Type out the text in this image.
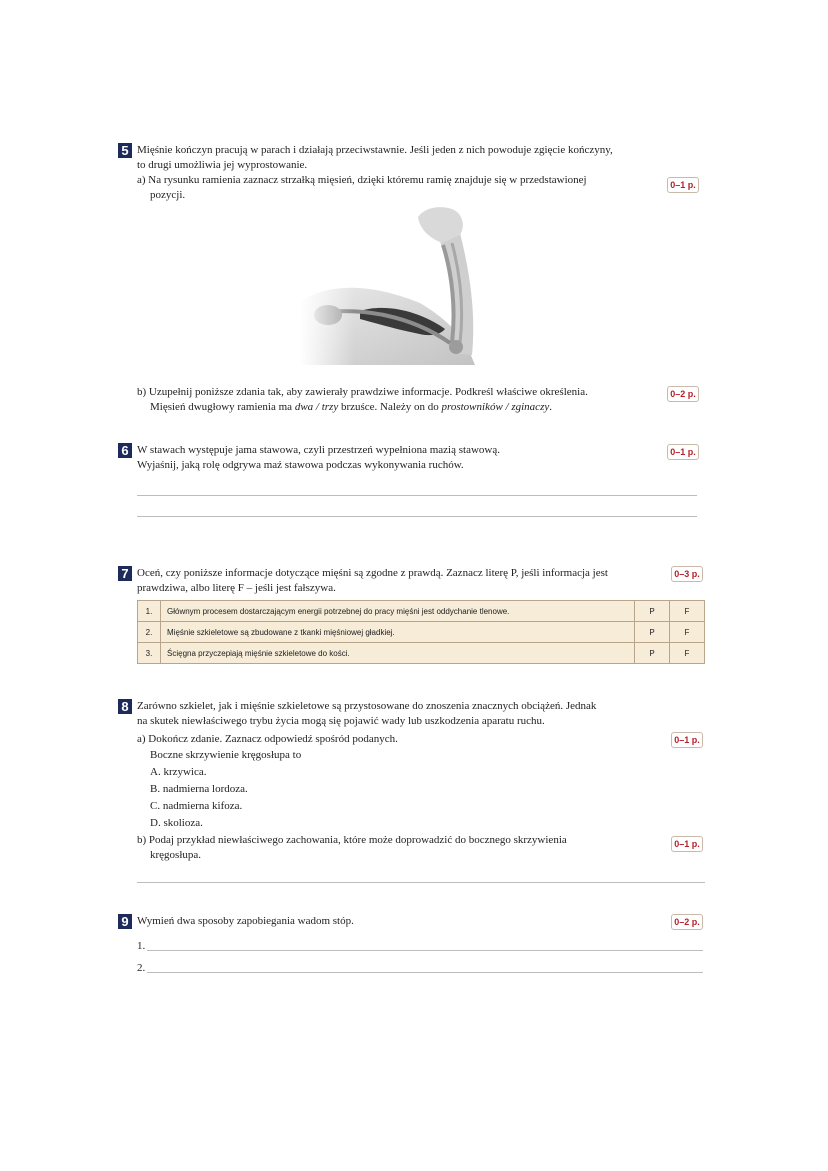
5 Mięśnie kończyn pracują w parach i działają przeciwstawnie. Jeśli jeden z nich powoduje zgięcie kończyny,
to drugi umożliwia jej wyprostowanie.
a) Na rysunku ramienia zaznacz strzałką mięsień, dzięki któremu ramię znajduje się w przedstawionej
pozycji.
0–1 p.
b) Uzupełnij poniższe zdania tak, aby zawierały prawdziwe informacje. Podkreśl właściwe określenia.
Mięsień dwugłowy ramienia ma dwa / trzy brzuśce. Należy on do prostowników / zginaczy.
0–2 p.
6 W stawach występuje jama stawowa, czyli przestrzeń wypełniona mazią stawową.
Wyjaśnij, jaką rolę odgrywa maź stawowa podczas wykonywania ruchów.
0–1 p.
7 Oceń, czy poniższe informacje dotyczące mięśni są zgodne z prawdą. Zaznacz literę P, jeśli informacja jest
prawdziwa, albo literę F – jeśli jest fałszywa.
0–3 p.
1.	Głównym procesem dostarczającym energii potrzebnej do pracy mięśni jest oddychanie tlenowe.	P	F
2.	Mięśnie szkieletowe są zbudowane z tkanki mięśniowej gładkiej.	P	F
3.	Ścięgna przyczepiają mięśnie szkieletowe do kości.	P	F
8 Zarówno szkielet, jak i mięśnie szkieletowe są przystosowane do znoszenia znacznych obciążeń. Jednak
na skutek niewłaściwego trybu życia mogą się pojawić wady lub uszkodzenia aparatu ruchu.
a) Dokończ zdanie. Zaznacz odpowiedź spośród podanych.
Boczne skrzywienie kręgosłupa to
A. krzywica.
B. nadmierna lordoza.
C. nadmierna kifoza.
D. skolioza.
b) Podaj przykład niewłaściwego zachowania, które może doprowadzić do bocznego skrzywienia
kręgosłupa.
0–1 p.
0–1 p.
9 Wymień dwa sposoby zapobiegania wadom stóp.	0–2 p.
1.
2.
